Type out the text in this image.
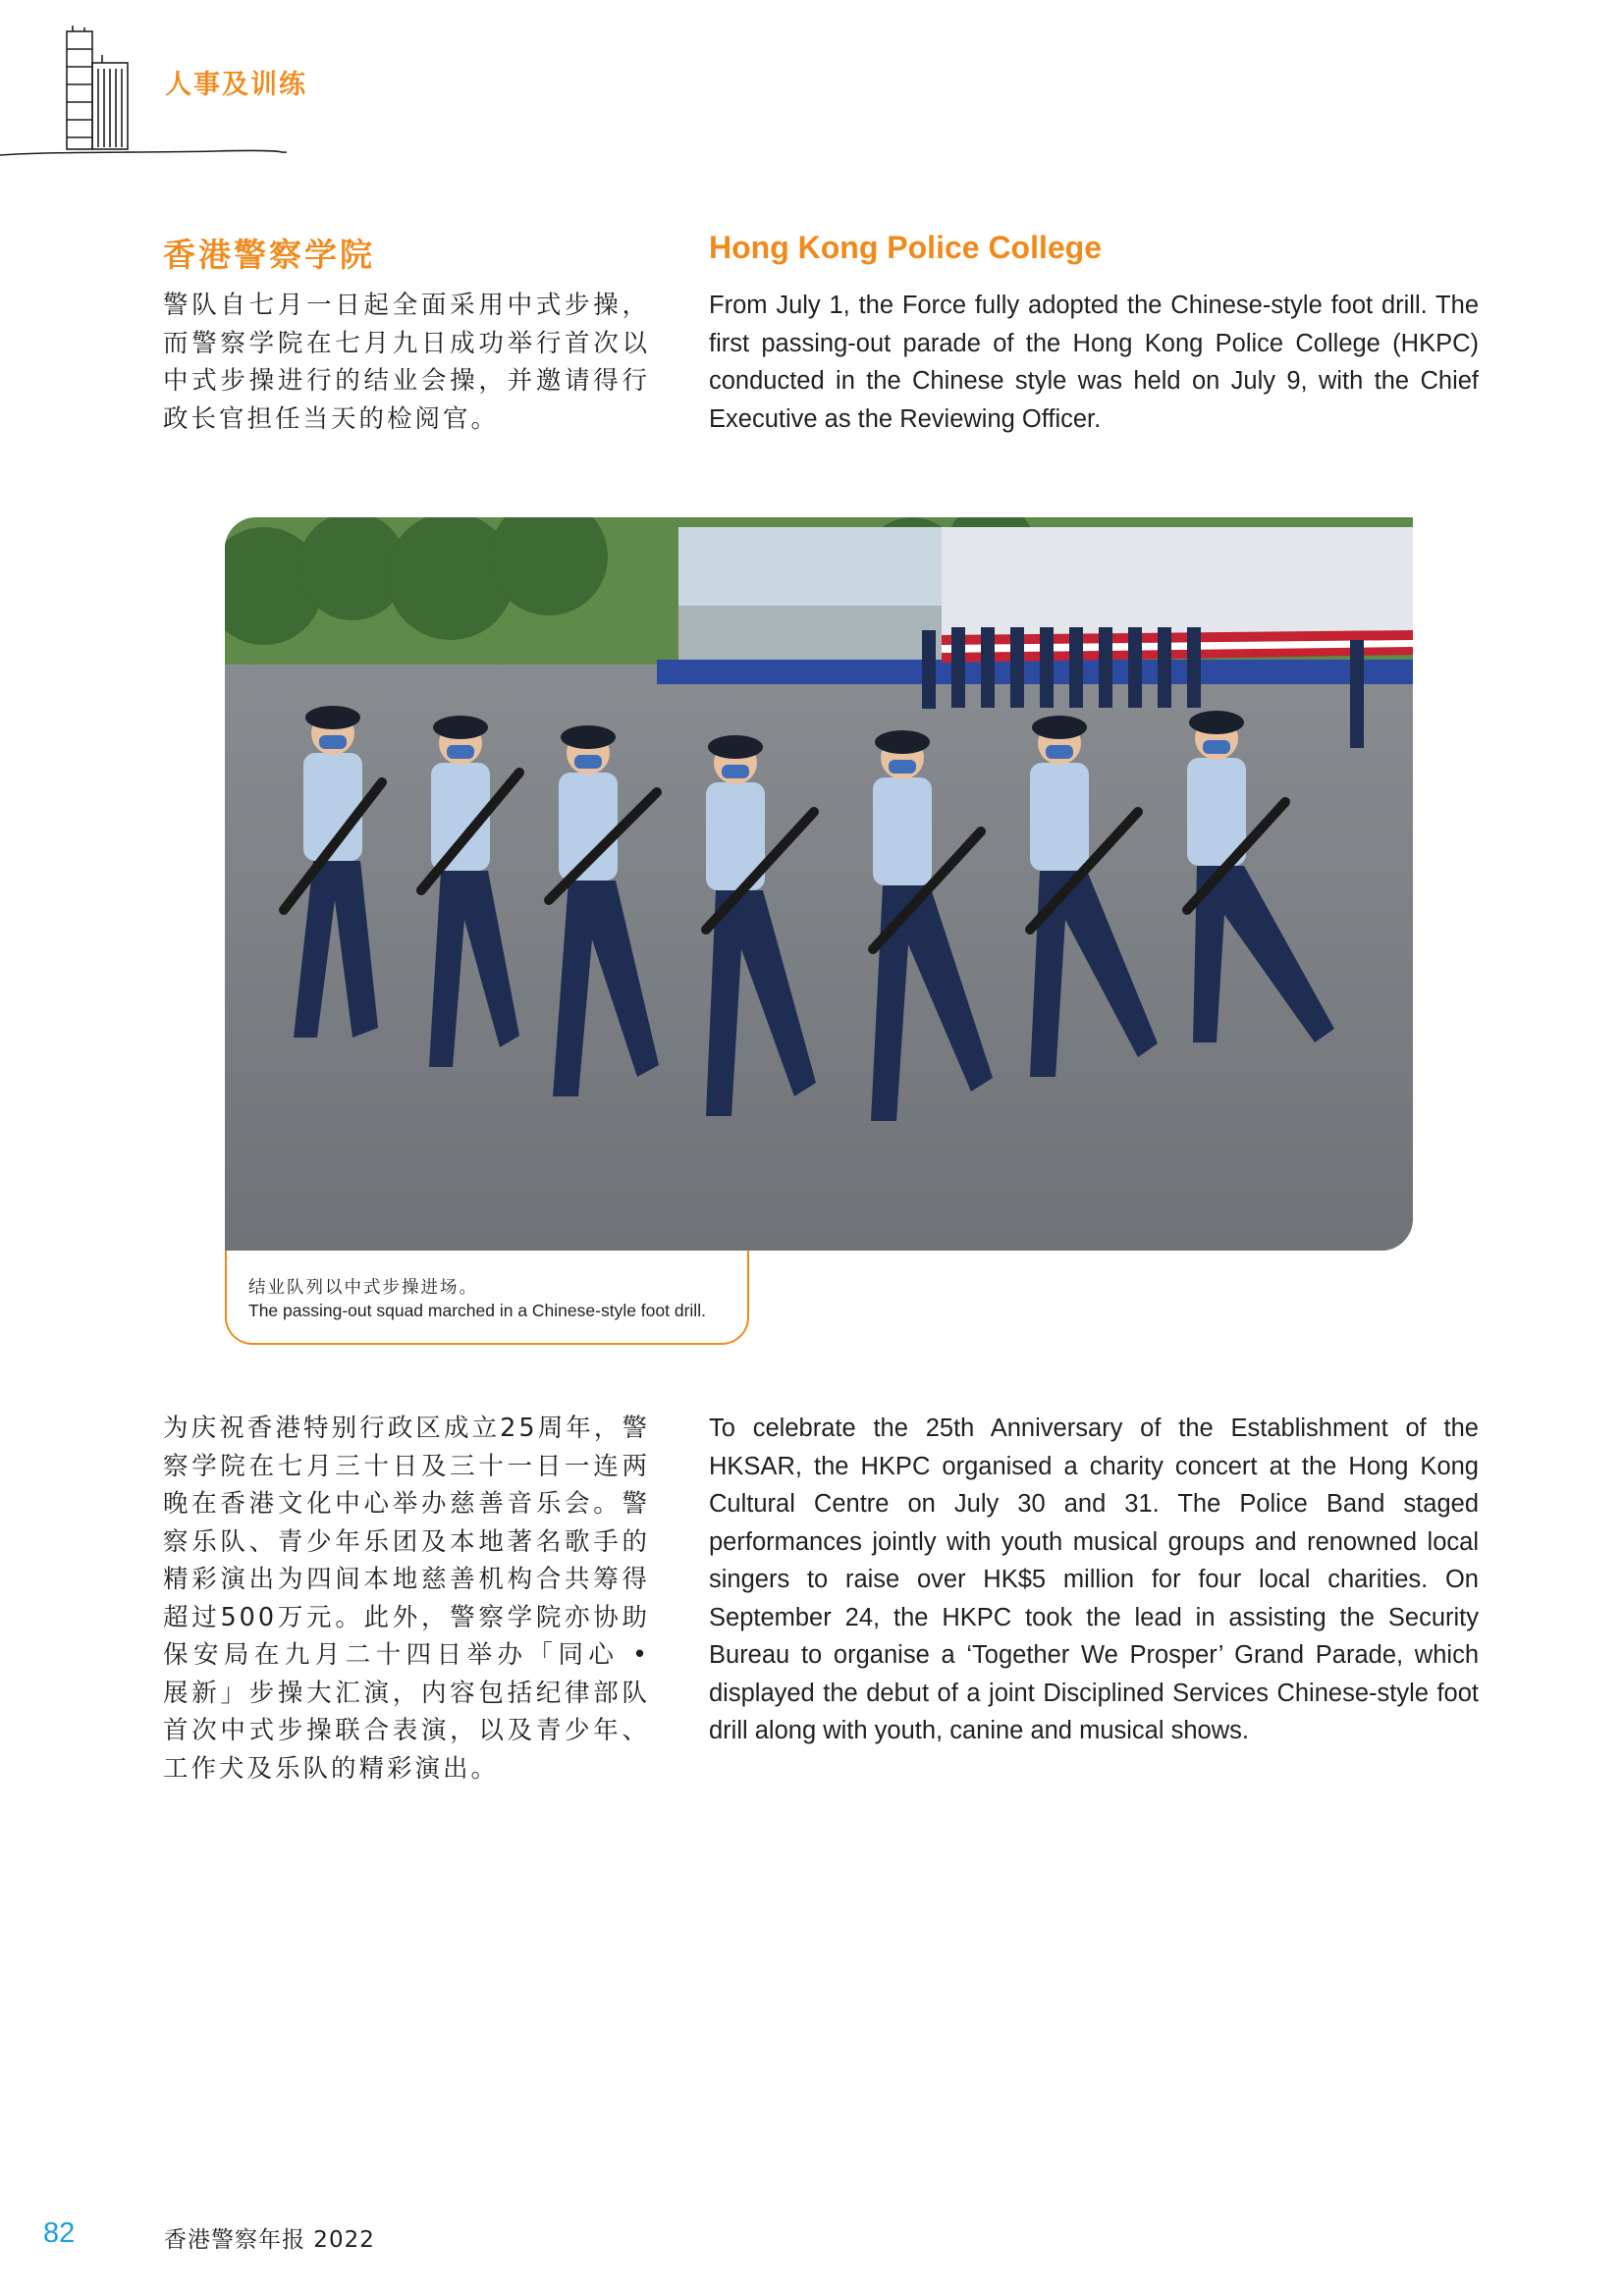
人事及训练
香港警察学院	Hong Kong Police College

警队自七月一日起全面采用中式步操，而警察学院在七月九日成功举行首次以中式步操进行的结业会操，并邀请得行政长官担任当天的检阅官。

From July 1, the Force fully adopted the Chinese-style foot drill. The first passing-out parade of the Hong Kong Police College (HKPC) conducted in the Chinese style was held on July 9, with the Chief Executive as the Reviewing Officer.

结业队列以中式步操进场。
The passing-out squad marched in a Chinese-style foot drill.

为庆祝香港特别行政区成立25周年，警察学院在七月三十日及三十一日一连两晚在香港文化中心举办慈善音乐会。警察乐队、青少年乐团及本地著名歌手的精彩演出为四间本地慈善机构合共筹得超过500万元。此外，警察学院亦协助保安局在九月二十四日举办「同心 • 展新」步操大汇演，内容包括纪律部队首次中式步操联合表演，以及青少年、工作犬及乐队的精彩演出。

To celebrate the 25th Anniversary of the Establishment of the HKSAR, the HKPC organised a charity concert at the Hong Kong Cultural Centre on July 30 and 31. The Police Band staged performances jointly with youth musical groups and renowned local singers to raise over HK$5 million for four local charities. On September 24, the HKPC took the lead in assisting the Security Bureau to organise a ‘Together We Prosper’ Grand Parade, which displayed the debut of a joint Disciplined Services Chinese-style foot drill along with youth, canine and musical shows.

82	香港警察年报 2022
